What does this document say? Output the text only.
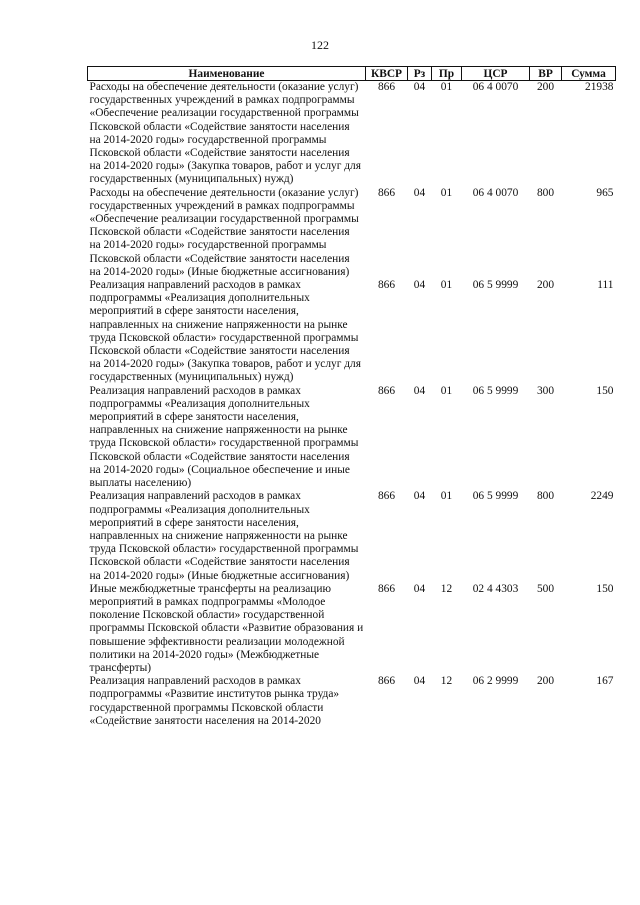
122
Наименование	КВСР	Рз	Пр	ЦСР	ВР	Сумма
Расходы на обеспечение деятельности (оказание услуг) государственных учреждений в рамках подпрограммы «Обеспечение реализации государственной программы Псковской области «Содействие занятости населения на 2014-2020 годы» государственной программы Псковской области «Содействие занятости населения на 2014-2020 годы» (Закупка товаров, работ и услуг для государственных (муниципальных) нужд)	866	04	01	06 4 0070	200	21938
Расходы на обеспечение деятельности (оказание услуг) государственных учреждений в рамках подпрограммы «Обеспечение реализации государственной программы Псковской области «Содействие занятости населения на 2014-2020 годы» государственной программы Псковской области «Содействие занятости населения на 2014-2020 годы» (Иные бюджетные ассигнования)	866	04	01	06 4 0070	800	965
Реализация направлений расходов в рамках подпрограммы «Реализация дополнительных мероприятий в сфере занятости населения, направленных на снижение напряженности на рынке труда Псковской области» государственной программы Псковской области «Содействие занятости населения на 2014-2020 годы» (Закупка товаров, работ и услуг для государственных (муниципальных) нужд)	866	04	01	06 5 9999	200	111
Реализация направлений расходов в рамках подпрограммы «Реализация дополнительных мероприятий в сфере занятости населения, направленных на снижение напряженности на рынке труда Псковской области» государственной программы Псковской области «Содействие занятости населения на 2014-2020 годы» (Социальное обеспечение и иные выплаты населению)	866	04	01	06 5 9999	300	150
Реализация направлений расходов в рамках подпрограммы «Реализация дополнительных мероприятий в сфере занятости населения, направленных на снижение напряженности на рынке труда Псковской области» государственной программы Псковской области «Содействие занятости населения на 2014-2020 годы» (Иные бюджетные ассигнования)	866	04	01	06 5 9999	800	2249
Иные межбюджетные трансферты на реализацию мероприятий в рамках подпрограммы «Молодое поколение Псковской области» государственной программы Псковской области «Развитие образования и повышение эффективности реализации молодежной политики на 2014-2020 годы» (Межбюджетные трансферты)	866	04	12	02 4 4303	500	150
Реализация направлений расходов в рамках подпрограммы «Развитие институтов рынка труда» государственной программы Псковской области «Содействие занятости населения на 2014-2020	866	04	12	06 2 9999	200	167
